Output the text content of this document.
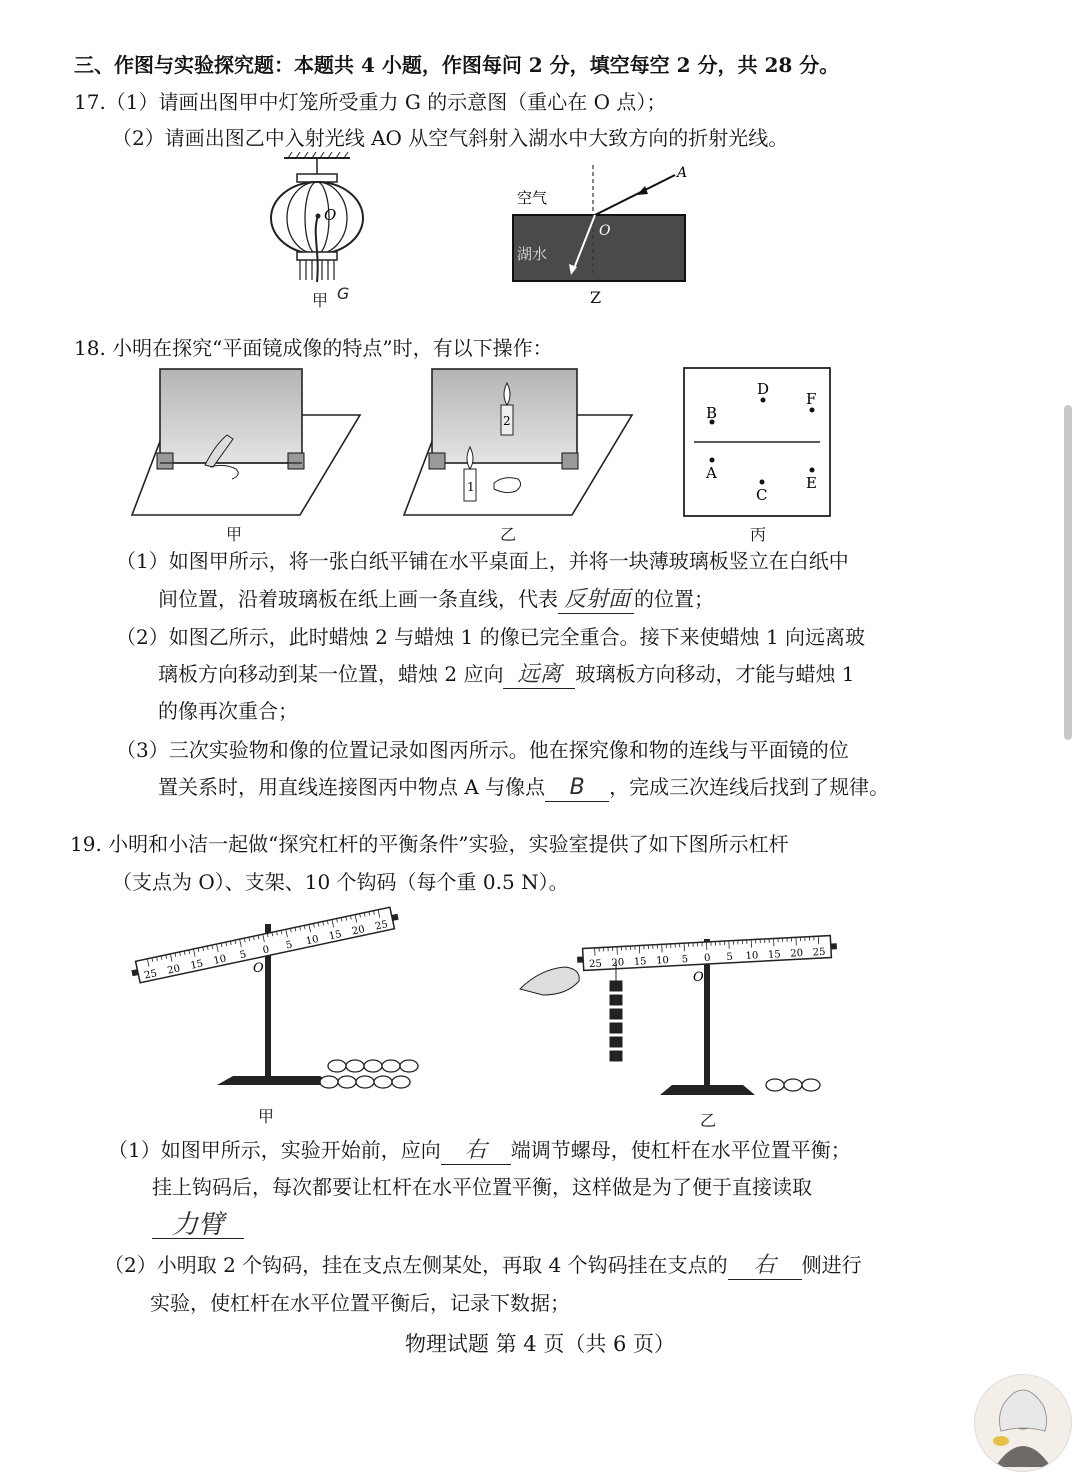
三、作图与实验探究题：本题共 4 小题，作图每问 2 分，填空每空 2 分，共 28 分。
17.（1）请画出图甲中灯笼所受重力 G 的示意图（重心在 O 点）；
（2）请画出图乙中入射光线 AO 从空气斜射入湖水中大致方向的折射光线。
O
甲 G
A
O
空气
湖水
Z
18. 小明在探究“平面镜成像的特点”时，有以下操作：
甲
2
1
乙
D
B
F
A
C
E
丙
（1）如图甲所示，将一张白纸平铺在水平桌面上，并将一块薄玻璃板竖立在白纸中
间位置，沿着玻璃板在纸上画一条直线，代表 反射面 的位置；
（2）如图乙所示，此时蜡烛 2 与蜡烛 1 的像已完全重合。接下来使蜡烛 1 向远离玻
璃板方向移动到某一位置，蜡烛 2 应向 远离 玻璃板方向移动，才能与蜡烛 1
的像再次重合；
（3）三次实验物和像的位置记录如图丙所示。他在探究像和物的连线与平面镜的位
置关系时，用直线连接图丙中物点 A 与像点 B ，完成三次连线后找到了规律。
19. 小明和小洁一起做“探究杠杆的平衡条件”实验，实验室提供了如下图所示杠杆
（支点为 O）、支架、10 个钩码（每个重 0.5 N）。
25 20 15 10 5 0 5 10 15 20 25
O
甲
25 20 15 10 5 0 5 10 15 20 25
O
乙
（1）如图甲所示，实验开始前，应向 右 端调节螺母，使杠杆在水平位置平衡；
挂上钩码后，每次都要让杠杆在水平位置平衡，这样做是为了便于直接读取
力臂
（2）小明取 2 个钩码，挂在支点左侧某处，再取 4 个钩码挂在支点的 右 侧进行
实验，使杠杆在水平位置平衡后，记录下数据；
物理试题 第 4 页（共 6 页）
